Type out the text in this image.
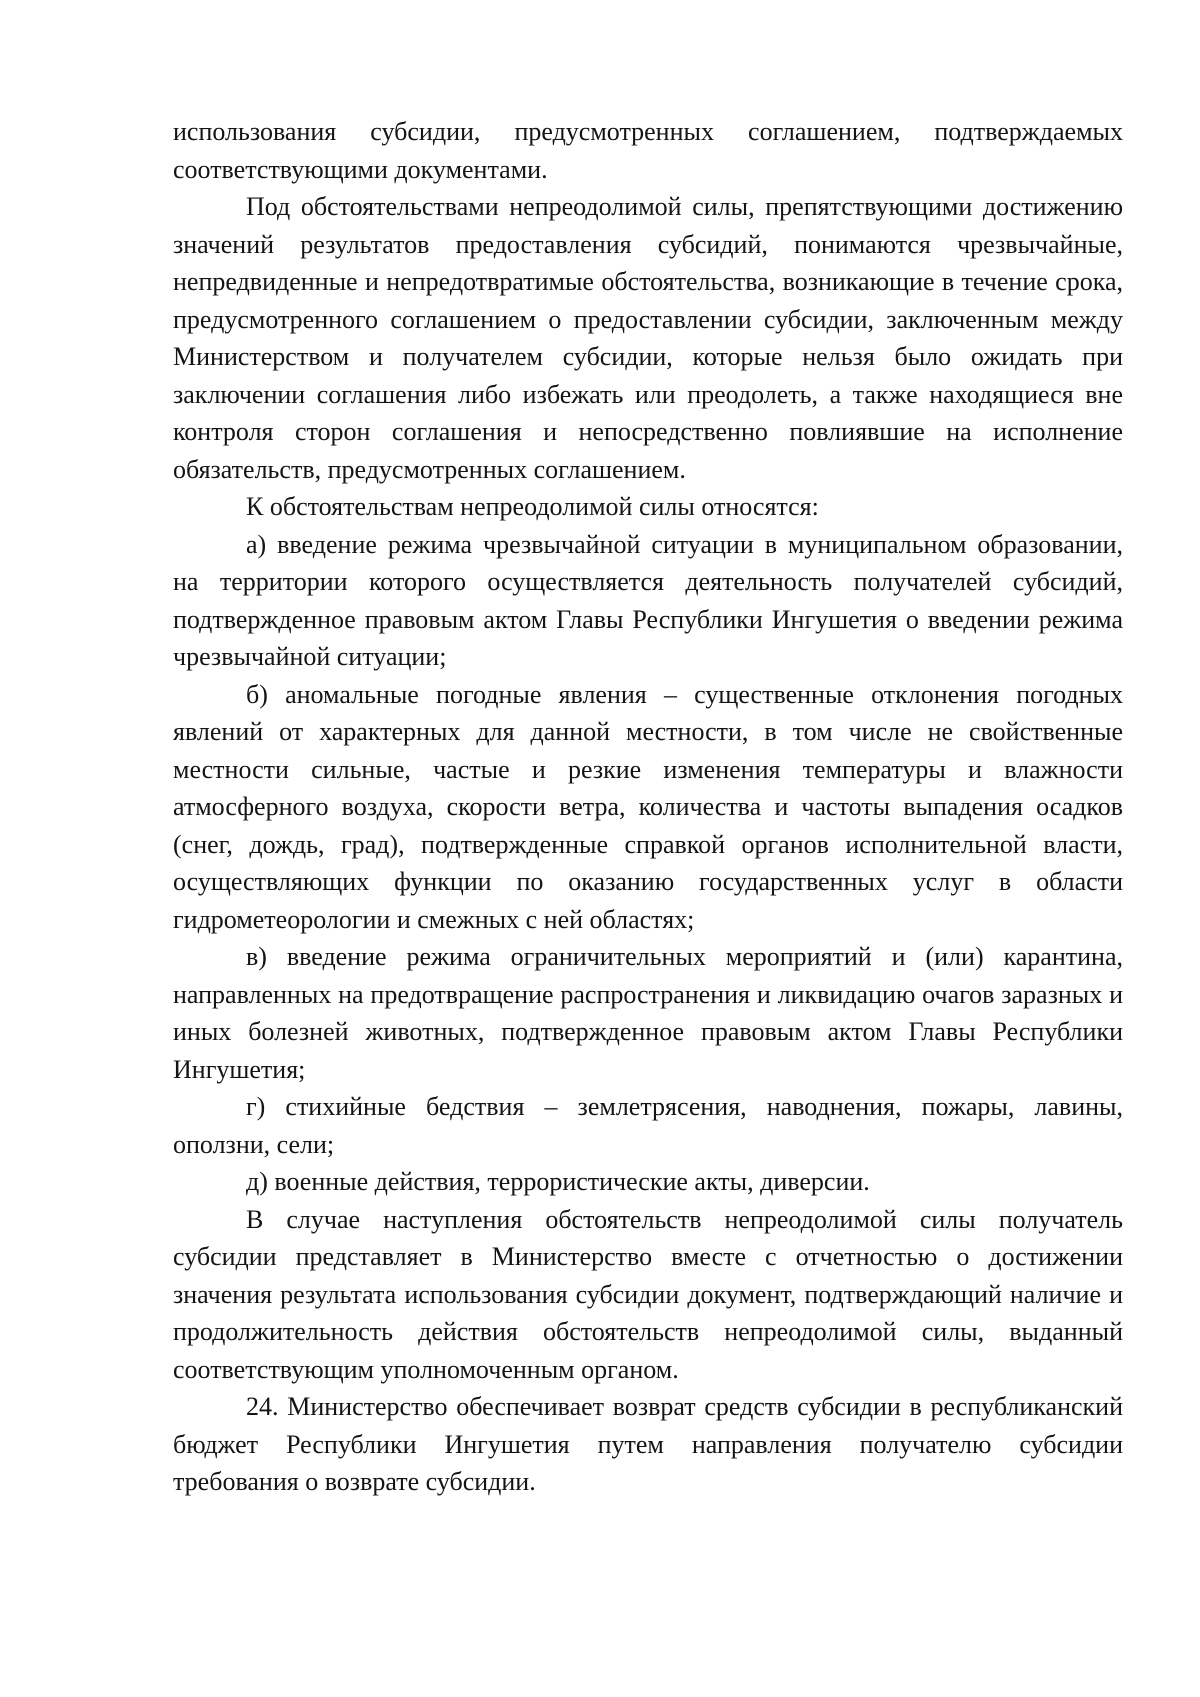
использования субсидии, предусмотренных соглашением, подтверждаемых соответствующими документами.

Под обстоятельствами непреодолимой силы, препятствующими достижению значений результатов предоставления субсидий, понимаются чрезвычайные, непредвиденные и непредотвратимые обстоятельства, возникающие в течение срока, предусмотренного соглашением о предоставлении субсидии, заключенным между Министерством и получателем субсидии, которые нельзя было ожидать при заключении соглашения либо избежать или преодолеть, а также находящиеся вне контроля сторон соглашения и непосредственно повлиявшие на исполнение обязательств, предусмотренных соглашением.

К обстоятельствам непреодолимой силы относятся:

а) введение режима чрезвычайной ситуации в муниципальном образовании, на территории которого осуществляется деятельность получателей субсидий, подтвержденное правовым актом Главы Республики Ингушетия о введении режима чрезвычайной ситуации;

б) аномальные погодные явления – существенные отклонения погодных явлений от характерных для данной местности, в том числе не свойственные местности сильные, частые и резкие изменения температуры и влажности атмосферного воздуха, скорости ветра, количества и частоты выпадения осадков (снег, дождь, град), подтвержденные справкой органов исполнительной власти, осуществляющих функции по оказанию государственных услуг в области гидрометеорологии и смежных с ней областях;

в) введение режима ограничительных мероприятий и (или) карантина, направленных на предотвращение распространения и ликвидацию очагов заразных и иных болезней животных, подтвержденное правовым актом Главы Республики Ингушетия;

г) стихийные бедствия – землетрясения, наводнения, пожары, лавины, оползни, сели;

д) военные действия, террористические акты, диверсии.

В случае наступления обстоятельств непреодолимой силы получатель субсидии представляет в Министерство вместе с отчетностью о достижении значения результата использования субсидии документ, подтверждающий наличие и продолжительность действия обстоятельств непреодолимой силы, выданный соответствующим уполномоченным органом.

24. Министерство обеспечивает возврат средств субсидии в республиканский бюджет Республики Ингушетия путем направления получателю субсидии требования о возврате субсидии.
